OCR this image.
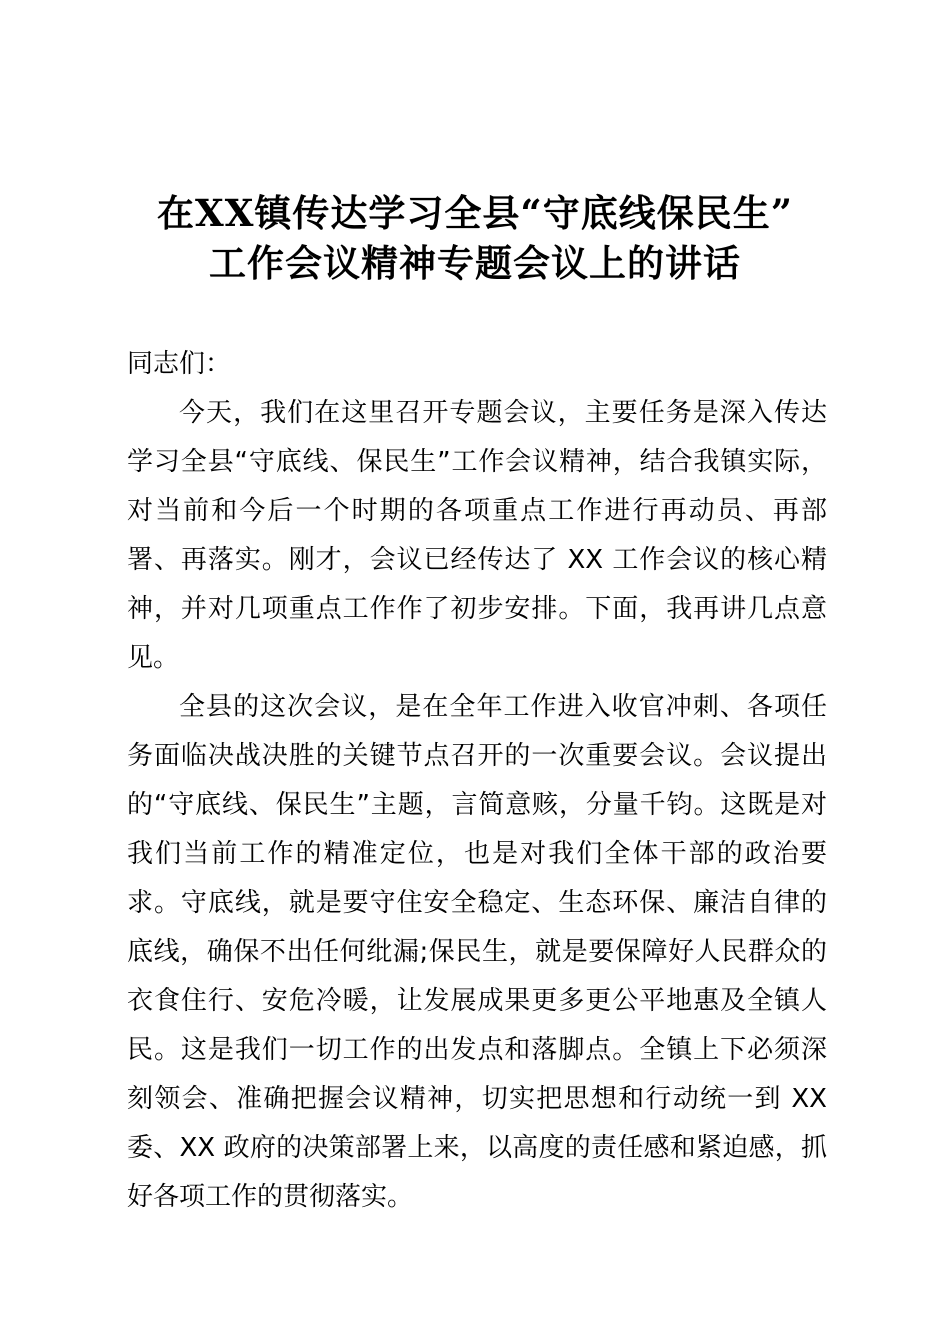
在XX镇传达学习全县“守底线保民生”
工作会议精神专题会议上的讲话

同志们：

今天，我们在这里召开专题会议，主要任务是深入传达学习全县“守底线、保民生”工作会议精神，结合我镇实际，对当前和今后一个时期的各项重点工作进行再动员、再部署、再落实。刚才，会议已经传达了 XX 工作会议的核心精神，并对几项重点工作作了初步安排。下面，我再讲几点意见。

全县的这次会议，是在全年工作进入收官冲刺、各项任务面临决战决胜的关键节点召开的一次重要会议。会议提出的“守底线、保民生”主题，言简意赅，分量千钧。这既是对我们当前工作的精准定位，也是对我们全体干部的政治要求。守底线，就是要守住安全稳定、生态环保、廉洁自律的底线，确保不出任何纰漏;保民生，就是要保障好人民群众的衣食住行、安危冷暖，让发展成果更多更公平地惠及全镇人民。这是我们一切工作的出发点和落脚点。全镇上下必须深刻领会、准确把握会议精神，切实把思想和行动统一到 XX 委、XX 政府的决策部署上来，以高度的责任感和紧迫感，抓好各项工作的贯彻落实。
